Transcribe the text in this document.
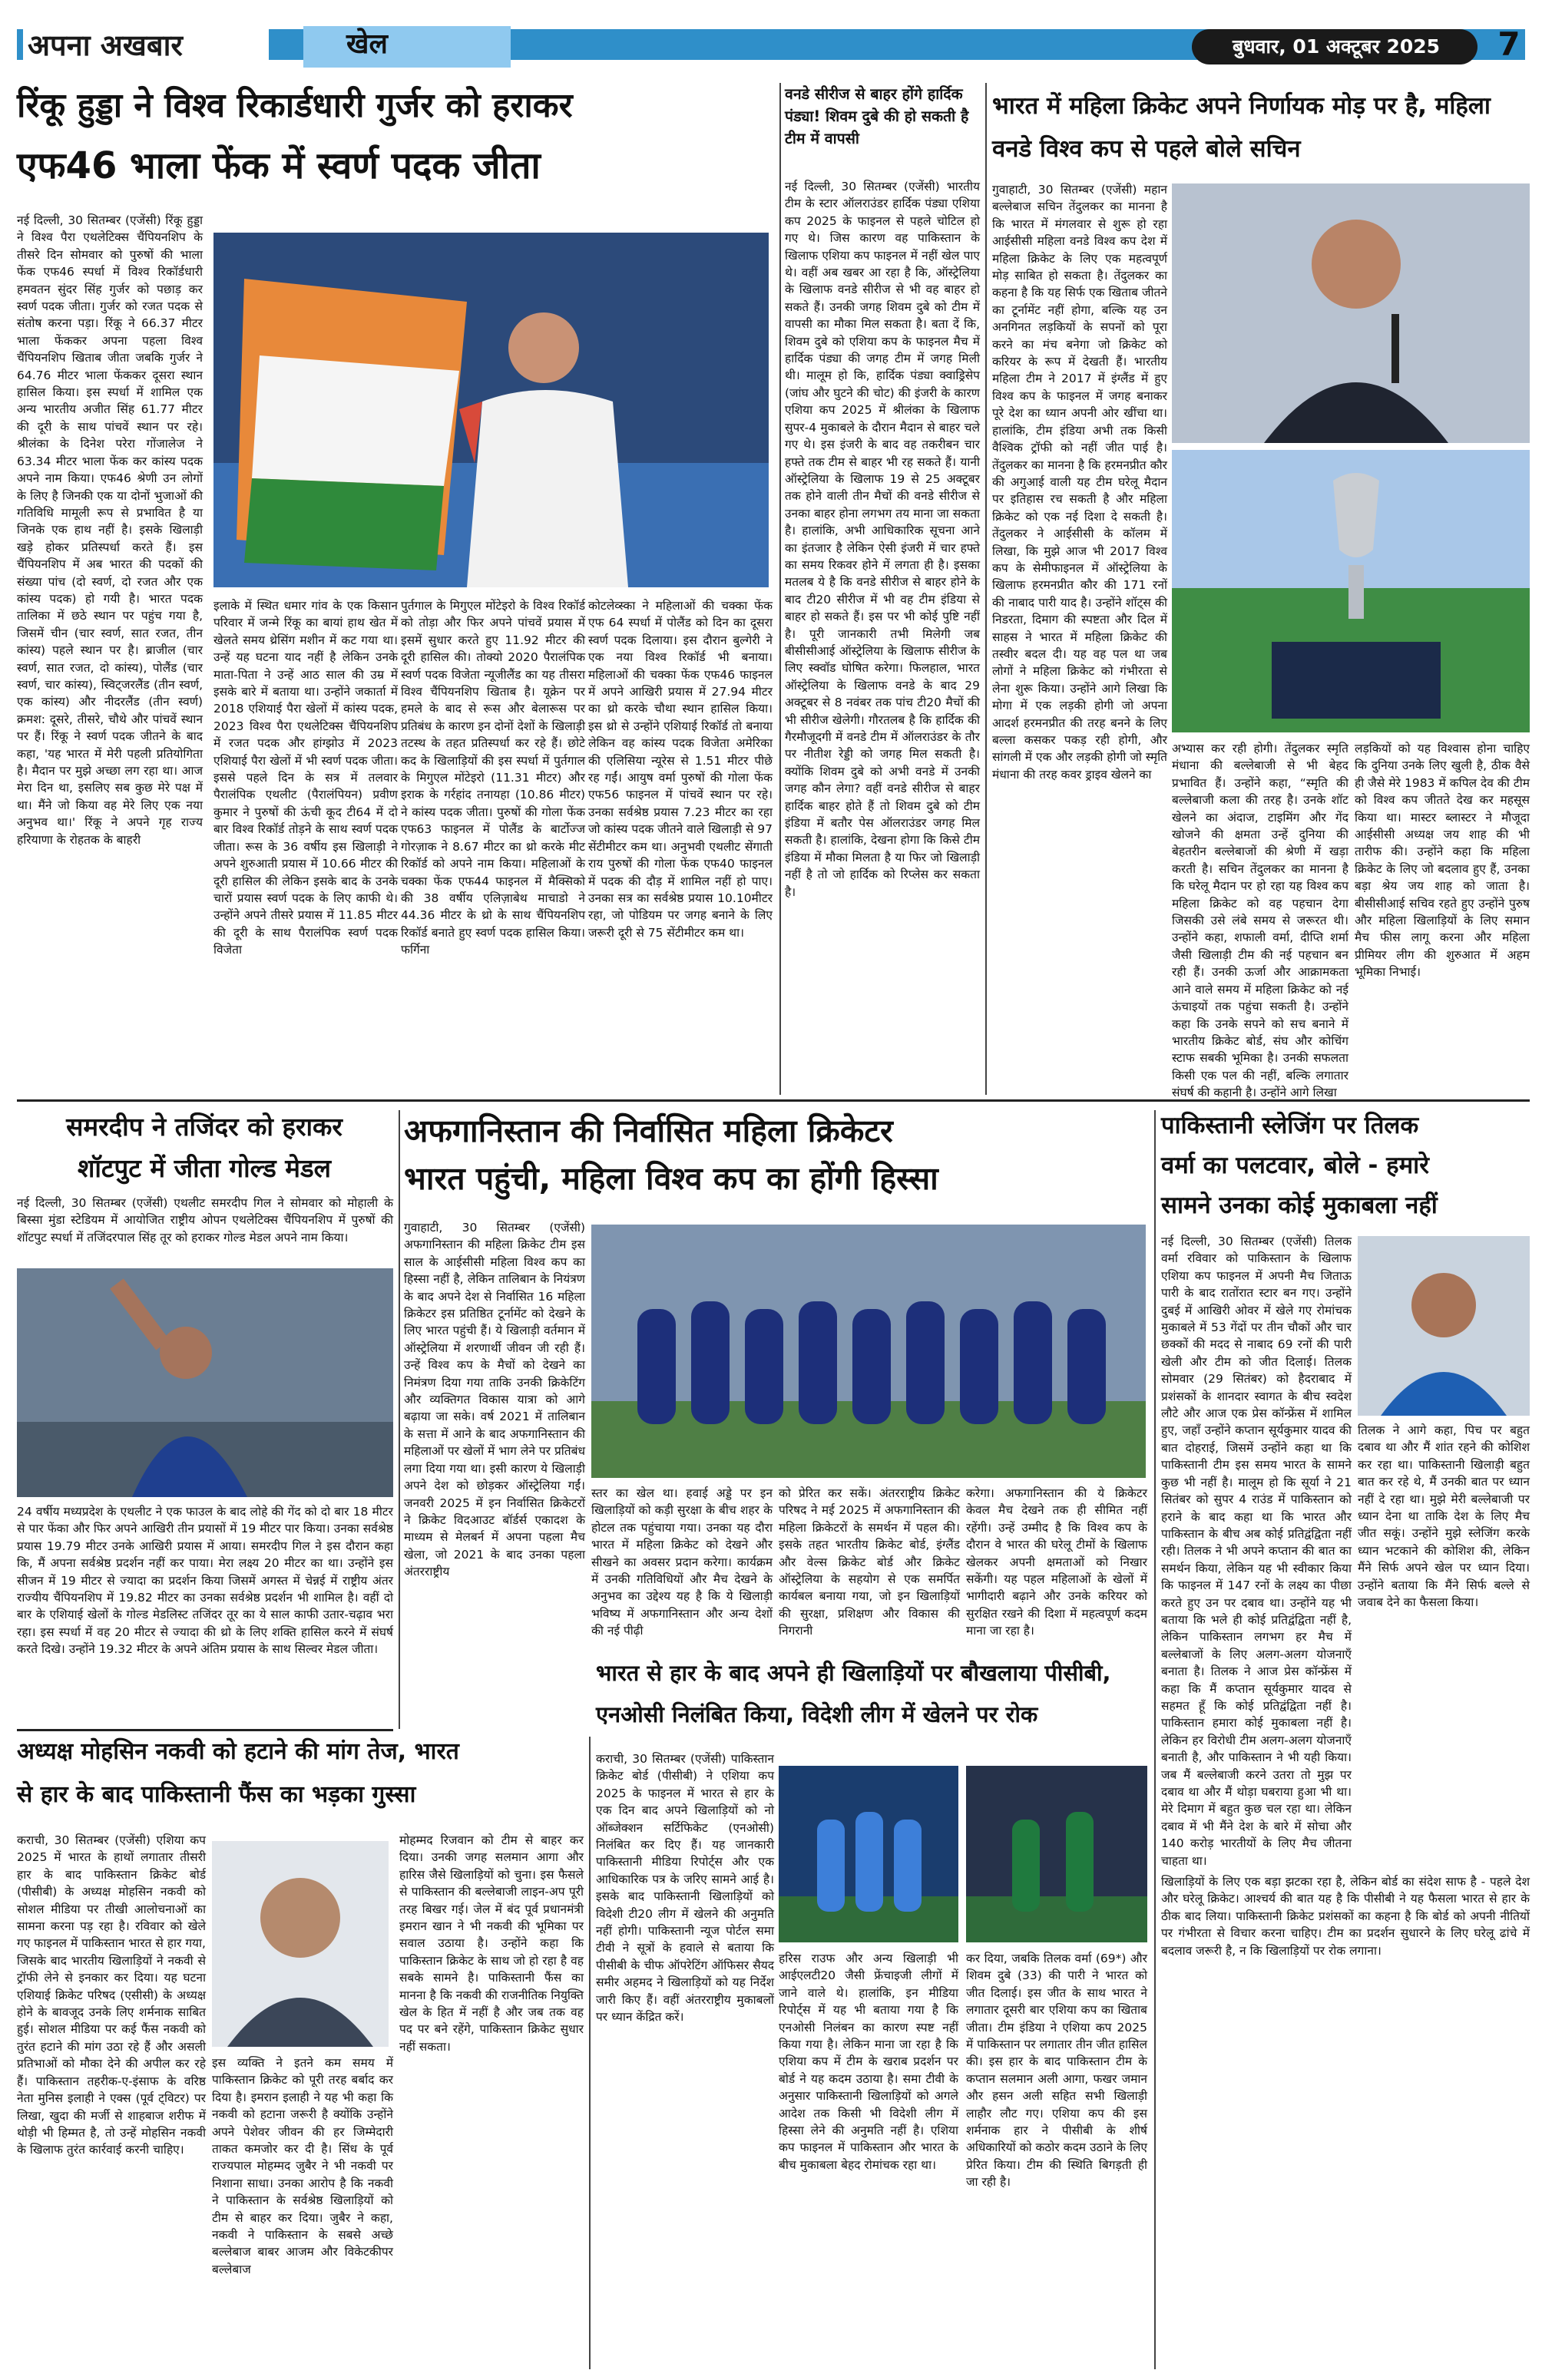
अपना अखबार	खेल	बुधवार, 01 अक्टूबर 2025	7
रिंकू हुड्डा ने विश्व रिकार्डधारी गुर्जर को हराकर
एफ46 भाला फेंक में स्वर्ण पदक जीता
नई दिल्ली, 30 सितम्बर (एजेंसी) रिंकू हुड्डा ने विश्व पैरा एथलेटिक्स चैंपियनशिप के तीसरे दिन सोमवार को पुरुषों की भाला फेंक एफ46 स्पर्धा में विश्व रिकॉर्डधारी हमवतन सुंदर सिंह गुर्जर को पछाड़ कर स्वर्ण पदक जीता। गुर्जर को रजत पदक से संतोष करना पड़ा। रिंकू ने 66.37 मीटर भाला फेंककर अपना पहला विश्व चैंपियनशिप खिताब जीता जबकि गुर्जर ने 64.76 मीटर भाला फेंककर दूसरा स्थान हासिल किया। इस स्पर्धा में शामिल एक अन्य भारतीय अजीत सिंह 61.77 मीटर की दूरी के साथ पांचवें स्थान पर रहे। श्रीलंका के दिनेश परेरा गोंजालेज ने 63.34 मीटर भाला फेंक कर कांस्य पदक अपने नाम किया। एफ46 श्रेणी उन लोगों के लिए है जिनकी एक या दोनों भुजाओं की गतिविधि मामूली रूप से प्रभावित है या जिनके एक हाथ नहीं है। इसके खिलाड़ी खड़े होकर प्रतिस्पर्धा करते हैं। इस चैंपियनशिप में अब भारत की पदकों की संख्या पांच (दो स्वर्ण, दो रजत और एक कांस्य पदक) हो गयी है। भारत पदक तालिका में छठे स्थान पर पहुंच गया है, जिसमें चीन (चार स्वर्ण, सात रजत, तीन कांस्य) पहले स्थान पर है। ब्राजील (चार स्वर्ण, सात रजत, दो कांस्य), पोलैंड (चार स्वर्ण, चार कांस्य), स्विट्जरलैंड (तीन स्वर्ण, एक कांस्य) और नीदरलैंड (तीन स्वर्ण) क्रमश: दूसरे, तीसरे, चौथे और पांचवें स्थान पर हैं। रिंकू ने स्वर्ण पदक जीतने के बाद कहा, 'यह भारत में मेरी पहली प्रतियोगिता है। मैदान पर मुझे अच्छा लग रहा था। आज मेरा दिन था, इसलिए सब कुछ मेरे पक्ष में था। मैंने जो किया वह मेरे लिए एक नया अनुभव था।' रिंकू ने अपने गृह राज्य हरियाणा के रोहतक के बाहरी
इलाके में स्थित धमार गांव के एक किसान परिवार में जन्मे रिंकू का बायां हाथ खेत में खेलते समय थ्रेसिंग मशीन में कट गया था। उन्हें यह घटना याद नहीं है लेकिन उनके माता-पिता ने उन्हें आठ साल की उम्र में इसके बारे में बताया था। उन्होंने जकार्ता में 2018 एशियाई पैरा खेलों में कांस्य पदक, 2023 विश्व पैरा एथलेटिक्स चैंपियनशिप में रजत पदक और हांग्झोउ में 2023 एशियाई पैरा खेलों में भी स्वर्ण पदक जीता। इससे पहले दिन के सत्र में तलवार पैरालंपिक एथलीट (पैरालंपियन) प्रवीण कुमार ने पुरुषों की ऊंची कूद टी64 में दो बार विश्व रिकॉर्ड तोड़ने के साथ स्वर्ण पदक जीता। रूस के 36 वर्षीय इस खिलाड़ी ने अपने शुरुआती प्रयास में 10.66 मीटर की दूरी हासिल की लेकिन इसके बाद के उनके चारों प्रयास स्वर्ण पदक के लिए काफी थे। उन्होंने अपने तीसरे प्रयास में 11.85 मीटर की दूरी के साथ पैरालंपिक स्वर्ण पदक विजेता
पुर्तगाल के मिगुएल मोंटेइरो के विश्व रिकॉर्ड को तोड़ा और फिर अपने पांचवें प्रयास में इसमें सुधार करते हुए 11.92 मीटर की दूरी हासिल की। तोक्यो 2020 पैरालंपिक स्वर्ण पदक विजेता न्यूजीलैंड का यह तीसरा विश्व चैंपियनशिप खिताब है। यूक्रेन पर हमले के बाद से रूस और बेलारूस पर प्रतिबंध के कारण इन दोनों देशों के खिलाड़ी तटस्थ के तहत प्रतिस्पर्धा कर रहे हैं। छोटे कद के खिलाड़ियों की इस स्पर्धा में पुर्तगाल के मिगुएल मोंटेइरो (11.31 मीटर) और इराक के गर्रहांद तनायहा (10.86 मीटर) ने कांस्य पदक जीता। पुरुषों की गोला फेंक एफ63 फाइनल में पोलैंड के बार्टोज्ज गोरज़ाक ने 8.67 मीटर का थ्रो करके मीट रिकॉर्ड को अपने नाम किया। महिलाओं के चक्का फेंक एफ44 फाइनल में मैक्सिको की 38 वर्षीय एलिज़ाबेथ माचाडो ने 44.36 मीटर के थ्रो के साथ चैंपियनशिप रिकॉर्ड बनाते हुए स्वर्ण पदक हासिल किया। फर्गिना
कोटलेव्स्का ने महिलाओं की चक्का फेंक एफ 64 स्पर्धा में पोलैंड को दिन का दूसरा स्वर्ण पदक दिलाया। इस दौरान बुल्गेरी ने एक नया विश्व रिकॉर्ड भी बनाया। महिलाओं की चक्का फेंक एफ46 फाइनल में अपने आखिरी प्रयास में 27.94 मीटर का थ्रो करके चौथा स्थान हासिल किया। इस थ्रो से उन्होंने एशियाई रिकॉर्ड तो बनाया लेकिन वह कांस्य पदक विजेता अमेरिका की एलिसिया न्यूरेस से 1.51 मीटर पीछे रह गईं। आयुष वर्मा पुरुषों की गोला फेंक एफ56 फाइनल में पांचवें स्थान पर रहे। उनका सर्वश्रेष्ठ प्रयास 7.23 मीटर का रहा जो कांस्य पदक जीतने वाले खिलाड़ी से 97 सेंटीमीटर कम था। अनुभवी एथलीट सेंगाती राय पुरुषों की गोला फेंक एफ40 फाइनल में पदक की दौड़ में शामिल नहीं हो पाए। उनका सत्र का सर्वश्रेष्ठ प्रयास 10.10मीटर रहा, जो पोडियम पर जगह बनाने के लिए जरूरी दूरी से 75 सेंटीमीटर कम था।
वनडे सीरीज से बाहर होंगे हार्दिक पंड्या! शिवम दुबे की हो सकती है टीम में वापसी
नई दिल्ली, 30 सितम्बर (एजेंसी) भारतीय टीम के स्टार ऑलराउंडर हार्दिक पंड्या एशिया कप 2025 के फाइनल से पहले चोटिल हो गए थे। जिस कारण वह पाकिस्तान के खिलाफ एशिया कप फाइनल में नहीं खेल पाए थे। वहीं अब खबर आ रहा है कि, ऑस्ट्रेलिया के खिलाफ वनडे सीरीज से भी वह बाहर हो सकते हैं। उनकी जगह शिवम दुबे को टीम में वापसी का मौका मिल सकता है। बता दें कि, शिवम दुबे को एशिया कप के फाइनल मैच में हार्दिक पंड्या की जगह टीम में जगह मिली थी। मालूम हो कि, हार्दिक पंड्या क्वाड्रिसेप (जांघ और घुटने की चोट) की इंजरी के कारण एशिया कप 2025 में श्रीलंका के खिलाफ सुपर-4 मुकाबले के दौरान मैदान से बाहर चले गए थे। इस इंजरी के बाद वह तकरीबन चार हफ्ते तक टीम से बाहर भी रह सकते हैं। यानी ऑस्ट्रेलिया के खिलाफ 19 से 25 अक्टूबर तक होने वाली तीन मैचों की वनडे सीरीज से उनका बाहर होना लगभग तय माना जा सकता है। हालांकि, अभी आधिकारिक सूचना आने का इंतजार है लेकिन ऐसी इंजरी में चार हफ्ते का समय रिकवर होने में लगता ही है। इसका मतलब ये है कि वनडे सीरीज से बाहर होने के बाद टी20 सीरीज में भी वह टीम इंडिया से बाहर हो सकते हैं। इस पर भी कोई पुष्टि नहीं है। पूरी जानकारी तभी मिलेगी जब बीसीसीआई ऑस्ट्रेलिया के खिलाफ सीरीज के लिए स्क्वॉड घोषित करेगा। फिलहाल, भारत ऑस्ट्रेलिया के खिलाफ वनडे के बाद 29 अक्टूबर से 8 नवंबर तक पांच टी20 मैचों की भी सीरीज खेलेगी। गौरतलब है कि हार्दिक की गैरमौजूदगी में वनडे टीम में ऑलराउंडर के तौर पर नीतीश रेड्डी को जगह मिल सकती है। क्योंकि शिवम दुबे को अभी वनडे में उनकी जगह कौन लेगा? वहीं वनडे सीरीज से बाहर हार्दिक बाहर होते हैं तो शिवम दुबे को टीम इंडिया में बतौर पेस ऑलराउंडर जगह मिल सकती है। हालांकि, देखना होगा कि किसे टीम इंडिया में मौका मिलता है या फिर जो खिलाड़ी नहीं है तो जो हार्दिक को रिप्लेस कर सकता है।
भारत में महिला क्रिकेट अपने निर्णायक मोड़ पर है, महिला वनडे विश्व कप से पहले बोले सचिन
गुवाहाटी, 30 सितम्बर (एजेंसी) महान बल्लेबाज सचिन तेंदुलकर का मानना है कि भारत में मंगलवार से शुरू हो रहा आईसीसी महिला वनडे विश्व कप देश में महिला क्रिकेट के लिए एक महत्वपूर्ण मोड़ साबित हो सकता है। तेंदुलकर का कहना है कि यह सिर्फ एक खिताब जीतने का टूर्नामेंट नहीं होगा, बल्कि यह उन अनगिनत लड़कियों के सपनों को पूरा करने का मंच बनेगा जो क्रिकेट को करियर के रूप में देखती हैं। भारतीय महिला टीम ने 2017 में इंग्लैंड में हुए विश्व कप के फाइनल में जगह बनाकर पूरे देश का ध्यान अपनी ओर खींचा था। हालांकि, टीम इंडिया अभी तक किसी वैश्विक ट्रॉफी को नहीं जीत पाई है। तेंदुलकर का मानना है कि हरमनप्रीत कौर की अगुआई वाली यह टीम घरेलू मैदान पर इतिहास रच सकती है और महिला क्रिकेट को एक नई दिशा दे सकती है। तेंदुलकर ने आईसीसी के कॉलम में लिखा, कि मुझे आज भी 2017 विश्व कप के सेमीफाइनल में ऑस्ट्रेलिया के खिलाफ हरमनप्रीत कौर की 171 रनों की नाबाद पारी याद है। उन्होंने शॉट्स की निडरता, दिमाग की स्पष्टता और दिल में साहस ने भारत में महिला क्रिकेट की तस्वीर बदल दी। यह वह पल था जब लोगों ने महिला क्रिकेट को गंभीरता से लेना शुरू किया। उन्होंने आगे लिखा कि मोगा में एक लड़की होगी जो अपना आदर्श हरमनप्रीत की तरह बनने के लिए बल्ला कसकर पकड़ रही होगी, और सांगली में एक और लड़की होगी जो स्मृति मंधाना की तरह कवर ड्राइव खेलने का
अभ्यास कर रही होगी। तेंदुलकर स्मृति मंधाना की बल्लेबाजी से भी बेहद प्रभावित हैं। उन्होंने कहा, “स्मृति की बल्लेबाजी कला की तरह है। उनके शॉट खेलने का अंदाज, टाइमिंग और गेंद खोजने की क्षमता उन्हें दुनिया की बेहतरीन बल्लेबाजों की श्रेणी में खड़ा करती है। सचिन तेंदुलकर का मानना है कि घरेलू मैदान पर हो रहा यह विश्व कप महिला क्रिकेट को वह पहचान देगा जिसकी उसे लंबे समय से जरूरत थी। उन्होंने कहा, शफाली वर्मा, दीप्ति शर्मा जैसी खिलाड़ी टीम की नई पहचान बन रही हैं। उनकी ऊर्जा और आक्रामकता आने वाले समय में महिला क्रिकेट को नई ऊंचाइयों तक पहुंचा सकती है। उन्होंने कहा कि उनके सपने को सच बनाने में भारतीय क्रिकेट बोर्ड, संघ और कोचिंग स्टाफ सबकी भूमिका है। उनकी सफलता किसी एक पल की नहीं, बल्कि लगातार संघर्ष की कहानी है। उन्होंने आगे लिखा
लड़कियों को यह विश्वास होना चाहिए कि दुनिया उनके लिए खुली है, ठीक वैसे ही जैसे मेरे 1983 में कपिल देव की टीम को विश्व कप जीतते देख कर महसूस किया था। मास्टर ब्लास्टर ने मौजूदा आईसीसी अध्यक्ष जय शाह की भी तारीफ की। उन्होंने कहा कि महिला क्रिकेट के लिए जो बदलाव हुए हैं, उनका बड़ा श्रेय जय शाह को जाता है। बीसीसीआई सचिव रहते हुए उन्होंने पुरुष और महिला खिलाड़ियों के लिए समान मैच फीस लागू करना और महिला प्रीमियर लीग की शुरुआत में अहम भूमिका निभाई।
समरदीप ने तजिंदर को हराकर
शॉटपुट में जीता गोल्ड मेडल
नई दिल्ली, 30 सितम्बर (एजेंसी) एथलीट समरदीप गिल ने सोमवार को मोहाली के बिस्सा मुंडा स्टेडियम में आयोजित राष्ट्रीय ओपन एथलेटिक्स चैंपियनशिप में पुरुषों की शॉटपुट स्पर्धा में तजिंदरपाल सिंह तूर को हराकर गोल्ड मेडल अपने नाम किया।
24 वर्षीय मध्यप्रदेश के एथलीट ने एक फाउल के बाद लोहे की गेंद को दो बार 18 मीटर से पार फेंका और फिर अपने आखिरी तीन प्रयासों में 19 मीटर पार किया। उनका सर्वश्रेष्ठ प्रयास 19.79 मीटर उनके आखिरी प्रयास में आया। समरदीप गिल ने इस दौरान कहा कि, मैं अपना सर्वश्रेष्ठ प्रदर्शन नहीं कर पाया। मेरा लक्ष्य 20 मीटर का था। उन्होंने इस सीजन में 19 मीटर से ज्यादा का प्रदर्शन किया जिसमें अगस्त में चेन्नई में राष्ट्रीय अंतर राज्यीय चैंपियनशिप में 19.82 मीटर का उनका सर्वश्रेष्ठ प्रदर्शन भी शामिल है। वहीं दो बार के एशियाई खेलों के गोल्ड मेडलिस्ट तजिंदर तूर का ये साल काफी उतार-चढ़ाव भरा रहा। इस स्पर्धा में वह 20 मीटर से ज्यादा की थ्रो के लिए शक्ति हासिल करने में संघर्ष करते दिखे। उन्होंने 19.32 मीटर के अपने अंतिम प्रयास के साथ सिल्वर मेडल जीता।
अफगानिस्तान की निर्वासित महिला क्रिकेटर
भारत पहुंची, महिला विश्व कप का होंगी हिस्सा
गुवाहाटी, 30 सितम्बर (एजेंसी) अफगानिस्तान की महिला क्रिकेट टीम इस साल के आईसीसी महिला विश्व कप का हिस्सा नहीं है, लेकिन तालिबान के नियंत्रण के बाद अपने देश से निर्वासित 16 महिला क्रिकेटर इस प्रतिष्ठित टूर्नामेंट को देखने के लिए भारत पहुंची हैं। ये खिलाड़ी वर्तमान में ऑस्ट्रेलिया में शरणार्थी जीवन जी रही हैं। उन्हें विश्व कप के मैचों को देखने का निमंत्रण दिया गया ताकि उनकी क्रिकेटिंग और व्यक्तिगत विकास यात्रा को आगे बढ़ाया जा सके। वर्ष 2021 में तालिबान के सत्ता में आने के बाद अफगानिस्तान की महिलाओं पर खेलों में भाग लेने पर प्रतिबंध लगा दिया गया था। इसी कारण ये खिलाड़ी अपने देश को छोड़कर ऑस्ट्रेलिया गईं। जनवरी 2025 में इन निर्वासित क्रिकेटरों ने क्रिकेट विदआउट बॉर्डर्स एकादश के माध्यम से मेलबर्न में अपना पहला मैच खेला, जो 2021 के बाद उनका पहला अंतरराष्ट्रीय
स्तर का खेल था। हवाई अड्डे पर इन खिलाड़ियों को कड़ी सुरक्षा के बीच शहर के होटल तक पहुंचाया गया। उनका यह दौरा भारत में महिला क्रिकेट को देखने और सीखने का अवसर प्रदान करेगा। कार्यक्रम में उनकी गतिविधियों और मैच देखने के अनुभव का उद्देश्य यह है कि ये खिलाड़ी भविष्य में अफगानिस्तान और अन्य देशों की नई पीढ़ी
को प्रेरित कर सकें। अंतरराष्ट्रीय क्रिकेट परिषद ने मई 2025 में अफगानिस्तान की महिला क्रिकेटरों के समर्थन में पहल की। इसके तहत भारतीय क्रिकेट बोर्ड, इंग्लैंड और वेल्स क्रिकेट बोर्ड और क्रिकेट ऑस्ट्रेलिया के सहयोग से एक समर्पित कार्यबल बनाया गया, जो इन खिलाड़ियों की सुरक्षा, प्रशिक्षण और विकास की निगरानी
करेगा। अफगानिस्तान की ये क्रिकेटर केवल मैच देखने तक ही सीमित नहीं रहेंगी। उन्हें उम्मीद है कि विश्व कप के दौरान वे भारत की घरेलू टीमों के खिलाफ खेलकर अपनी क्षमताओं को निखार सकेंगी। यह पहल महिलाओं के खेलों में भागीदारी बढ़ाने और उनके करियर को सुरक्षित रखने की दिशा में महत्वपूर्ण कदम माना जा रहा है।
पाकिस्तानी स्लेजिंग पर तिलक
वर्मा का पलटवार, बोले - हमारे
सामने उनका कोई मुकाबला नहीं
नई दिल्ली, 30 सितम्बर (एजेंसी) तिलक वर्मा रविवार को पाकिस्तान के खिलाफ एशिया कप फाइनल में अपनी मैच जिताऊ पारी के बाद रातोंरात स्टार बन गए। उन्होंने दुबई में आखिरी ओवर में खेले गए रोमांचक मुकाबले में 53 गेंदों पर तीन चौकों और चार छक्कों की मदद से नाबाद 69 रनों की पारी खेली और टीम को जीत दिलाई। तिलक सोमवार (29 सितंबर) को हैदराबाद में प्रशंसकों के शानदार स्वागत के बीच स्वदेश लौटे और आज एक प्रेस कॉन्फ्रेंस में शामिल हुए, जहाँ उन्होंने कप्तान सूर्यकुमार यादव की बात दोहराई, जिसमें उन्होंने कहा था कि पाकिस्तानी टीम इस समय भारत के सामने कुछ भी नहीं है। मालूम हो कि सूर्या ने 21 सितंबर को सुपर 4 राउंड में पाकिस्तान को हराने के बाद कहा था कि भारत और पाकिस्तान के बीच अब कोई प्रतिद्वंद्विता नहीं रही। तिलक ने भी अपने कप्तान की बात का समर्थन किया, लेकिन यह भी स्वीकार किया कि फाइनल में 147 रनों के लक्ष्य का पीछा करते हुए उन पर दबाव था। उन्होंने यह भी बताया कि भले ही कोई प्रतिद्वंद्विता नहीं है, लेकिन पाकिस्तान लगभग हर मैच में बल्लेबाजों के लिए अलग-अलग योजनाएँ बनाता है। तिलक ने आज प्रेस कॉन्फ्रेंस में कहा कि मैं कप्तान सूर्यकुमार यादव से सहमत हूँ कि कोई प्रतिद्वंद्विता नहीं है। पाकिस्तान हमारा कोई मुकाबला नहीं है। लेकिन हर विरोधी टीम अलग-अलग योजनाएँ बनाती है, और पाकिस्तान ने भी यही किया। जब मैं बल्लेबाजी करने उतरा तो मुझ पर दबाव था और मैं थोड़ा घबराया हुआ भी था। मेरे दिमाग में बहुत कुछ चल रहा था। लेकिन दबाव में भी मैंने देश के बारे में सोचा और 140 करोड़ भारतीयों के लिए मैच जीतना चाहता था।
तिलक ने आगे कहा, पिच पर बहुत दबाव था और मैं शांत रहने की कोशिश कर रहा था। पाकिस्तानी खिलाड़ी बहुत बात कर रहे थे, मैं उनकी बात पर ध्यान नहीं दे रहा था। मुझे मेरी बल्लेबाजी पर ध्यान देना था ताकि देश के लिए मैच जीत सकूं। उन्होंने मुझे स्लेजिंग करके ध्यान भटकाने की कोशिश की, लेकिन मैंने सिर्फ अपने खेल पर ध्यान दिया। उन्होंने बताया कि मैंने सिर्फ बल्ले से जवाब देने का फैसला किया।
अध्यक्ष मोहसिन नकवी को हटाने की मांग तेज, भारत
से हार के बाद पाकिस्तानी फैंस का भड़का गुस्सा
कराची, 30 सितम्बर (एजेंसी) एशिया कप 2025 में भारत के हाथों लगातार तीसरी हार के बाद पाकिस्तान क्रिकेट बोर्ड (पीसीबी) के अध्यक्ष मोहसिन नकवी को सोशल मीडिया पर तीखी आलोचनाओं का सामना करना पड़ रहा है। रविवार को खेले गए फाइनल में पाकिस्तान भारत से हार गया, जिसके बाद भारतीय खिलाड़ियों ने नकवी से ट्रॉफी लेने से इनकार कर दिया। यह घटना एशियाई क्रिकेट परिषद (एसीसी) के अध्यक्ष होने के बावजूद उनके लिए शर्मनाक साबित हुई। सोशल मीडिया पर कई फैंस नकवी को तुरंत हटाने की मांग उठा रहे हैं और असली प्रतिभाओं को मौका देने की अपील कर रहे हैं। पाकिस्तान तहरीक-ए-इंसाफ के वरिष्ठ नेता मुनिस इलाही ने एक्स (पूर्व ट्विटर) पर लिखा, खुदा की मर्जी से शाहबाज शरीफ में थोड़ी भी हिम्मत है, तो उन्हें मोहसिन नकवी के खिलाफ तुरंत कार्रवाई करनी चाहिए।
इस व्यक्ति ने इतने कम समय में पाकिस्तान क्रिकेट को पूरी तरह बर्बाद कर दिया है। इमरान इलाही ने यह भी कहा कि नकवी को हटाना जरूरी है क्योंकि उन्होंने अपने पेशेवर जीवन की हर जिम्मेदारी ताकत कमजोर कर दी है। सिंध के पूर्व राज्यपाल मोहम्मद जुबैर ने भी नकवी पर निशाना साधा। उनका आरोप है कि नकवी ने पाकिस्तान के सर्वश्रेष्ठ खिलाड़ियों को टीम से बाहर कर दिया। जुबैर ने कहा, नकवी ने पाकिस्तान के सबसे अच्छे बल्लेबाज बाबर आजम और विकेटकीपर बल्लेबाज
मोहम्मद रिजवान को टीम से बाहर कर दिया। उनकी जगह सलमान आगा और हारिस जैसे खिलाड़ियों को चुना। इस फैसले से पाकिस्तान की बल्लेबाजी लाइन-अप पूरी तरह बिखर गई। जेल में बंद पूर्व प्रधानमंत्री इमरान खान ने भी नकवी की भूमिका पर सवाल उठाया है। उन्होंने कहा कि पाकिस्तान क्रिकेट के साथ जो हो रहा है वह सबके सामने है। पाकिस्तानी फैंस का मानना है कि नकवी की राजनीतिक नियुक्ति खेल के हित में नहीं है और जब तक वह पद पर बने रहेंगे, पाकिस्तान क्रिकेट सुधार नहीं सकता।
भारत से हार के बाद अपने ही खिलाड़ियों पर बौखलाया पीसीबी,
एनओसी निलंबित किया, विदेशी लीग में खेलने पर रोक
कराची, 30 सितम्बर (एजेंसी) पाकिस्तान क्रिकेट बोर्ड (पीसीबी) ने एशिया कप 2025 के फाइनल में भारत से हार के एक दिन बाद अपने खिलाड़ियों को नो ऑब्जेक्शन सर्टिफिकेट (एनओसी) निलंबित कर दिए हैं। यह जानकारी पाकिस्तानी मीडिया रिपोर्ट्स और एक आधिकारिक पत्र के जरिए सामने आई है। इसके बाद पाकिस्तानी खिलाड़ियों को विदेशी टी20 लीग में खेलने की अनुमति नहीं होगी। पाकिस्तानी न्यूज पोर्टल समा टीवी ने सूत्रों के हवाले से बताया कि पीसीबी के चीफ ऑपरेटिंग ऑफिसर सैयद समीर अहमद ने खिलाड़ियों को यह निर्देश जारी किए हैं। वहीं अंतरराष्ट्रीय मुकाबलों पर ध्यान केंद्रित करें।
हरिस राउफ और अन्य खिलाड़ी भी आईएलटी20 जैसी फ्रेंचाइजी लीगों में जाने वाले थे। हालांकि, इन मीडिया रिपोर्ट्स में यह भी बताया गया है कि एनओसी निलंबन का कारण स्पष्ट नहीं किया गया है। लेकिन माना जा रहा है कि एशिया कप में टीम के खराब प्रदर्शन पर बोर्ड ने यह कदम उठाया है। समा टीवी के अनुसार पाकिस्तानी खिलाड़ियों को अगले आदेश तक किसी भी विदेशी लीग में हिस्सा लेने की अनुमति नहीं है। एशिया कप फाइनल में पाकिस्तान और भारत के बीच मुकाबला बेहद रोमांचक रहा था।
कर दिया, जबकि तिलक वर्मा (69*) और शिवम दुबे (33) की पारी ने भारत को जीत दिलाई। इस जीत के साथ भारत ने लगातार दूसरी बार एशिया कप का खिताब जीता। टीम इंडिया ने एशिया कप 2025 में पाकिस्तान पर लगातार तीन जीत हासिल की। इस हार के बाद पाकिस्तान टीम के कप्तान सलमान अली आगा, फखर जमान और हसन अली सहित सभी खिलाड़ी लाहौर लौट गए। एशिया कप की इस शर्मनाक हार ने पीसीबी के शीर्ष अधिकारियों को कठोर कदम उठाने के लिए प्रेरित किया। टीम की स्थिति बिगड़ती ही जा रही है।
खिलाड़ियों के लिए एक बड़ा झटका रहा है, लेकिन बोर्ड का संदेश साफ है - पहले देश और घरेलू क्रिकेट। आश्चर्य की बात यह है कि पीसीबी ने यह फैसला भारत से हार के ठीक बाद लिया। पाकिस्तानी क्रिकेट प्रशंसकों का कहना है कि बोर्ड को अपनी नीतियों पर गंभीरता से विचार करना चाहिए। टीम का प्रदर्शन सुधारने के लिए घरेलू ढांचे में बदलाव जरूरी है, न कि खिलाड़ियों पर रोक लगाना।
